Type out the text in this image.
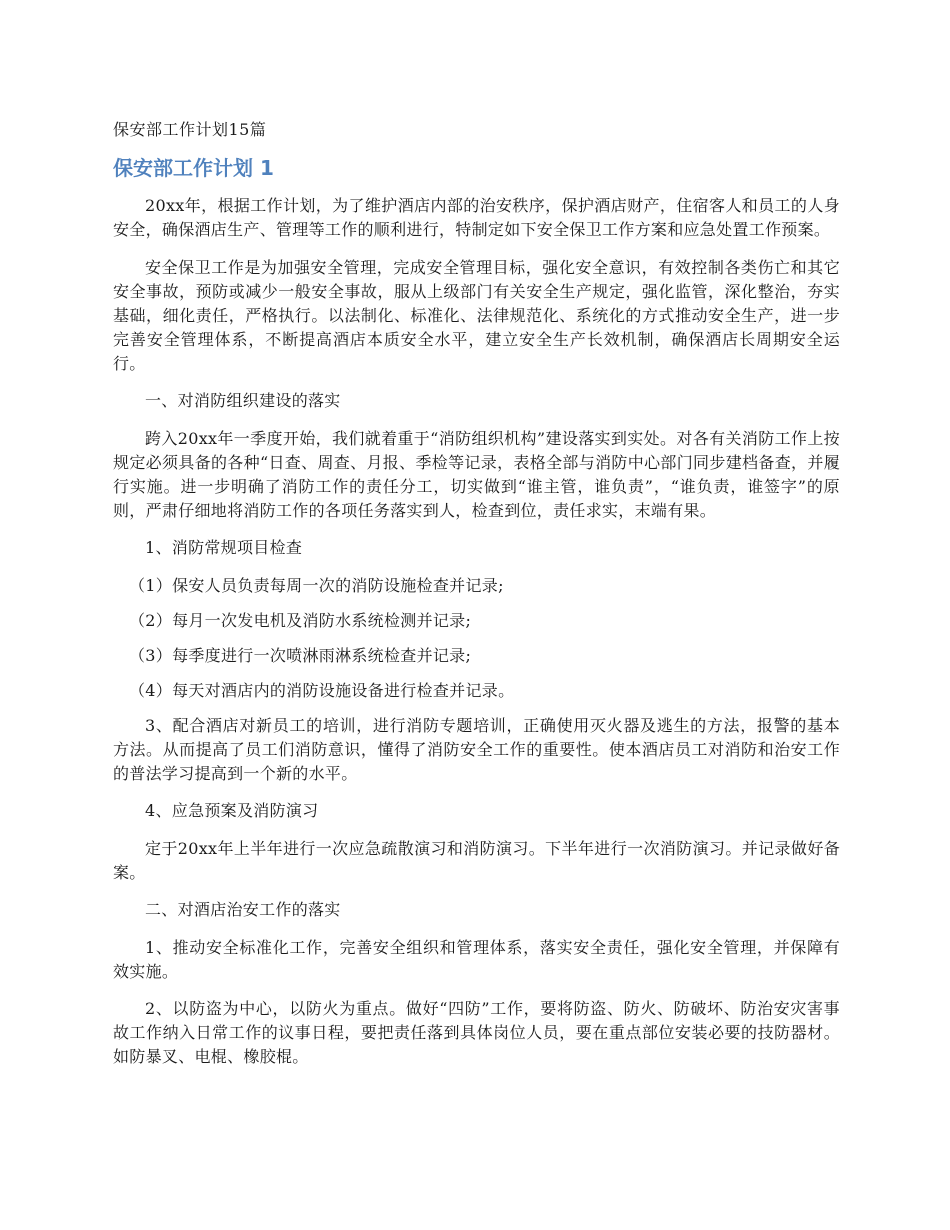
保安部工作计划15篇
保安部工作计划 1

20xx年，根据工作计划，为了维护酒店内部的治安秩序，保护酒店财产，住宿客人和员工的人身安全，确保酒店生产、管理等工作的顺利进行，特制定如下安全保卫工作方案和应急处置工作预案。

安全保卫工作是为加强安全管理，完成安全管理目标，强化安全意识，有效控制各类伤亡和其它安全事故，预防或减少一般安全事故，服从上级部门有关安全生产规定，强化监管，深化整治，夯实基础，细化责任，严格执行。以法制化、标准化、法律规范化、系统化的方式推动安全生产，进一步完善安全管理体系，不断提高酒店本质安全水平，建立安全生产长效机制，确保酒店长周期安全运行。

一、对消防组织建设的落实

跨入20xx年一季度开始，我们就着重于“消防组织机构”建设落实到实处。对各有关消防工作上按规定必须具备的各种“日查、周查、月报、季检等记录，表格全部与消防中心部门同步建档备查，并履行实施。进一步明确了消防工作的责任分工，切实做到“谁主管，谁负责”，“谁负责，谁签字”的原则，严肃仔细地将消防工作的各项任务落实到人，检查到位，责任求实，末端有果。

1、消防常规项目检查

（1）保安人员负责每周一次的消防设施检查并记录;
（2）每月一次发电机及消防水系统检测并记录;
（3）每季度进行一次喷淋雨淋系统检查并记录;
（4）每天对酒店内的消防设施设备进行检查并记录。

3、配合酒店对新员工的培训，进行消防专题培训，正确使用灭火器及逃生的方法，报警的基本方法。从而提高了员工们消防意识，懂得了消防安全工作的重要性。使本酒店员工对消防和治安工作的普法学习提高到一个新的水平。

4、应急预案及消防演习

定于20xx年上半年进行一次应急疏散演习和消防演习。下半年进行一次消防演习。并记录做好备案。

二、对酒店治安工作的落实

1、推动安全标准化工作，完善安全组织和管理体系，落实安全责任，强化安全管理，并保障有效实施。

2、以防盗为中心，以防火为重点。做好“四防”工作，要将防盗、防火、防破坏、防治安灾害事故工作纳入日常工作的议事日程，要把责任落到具体岗位人员，要在重点部位安装必要的技防器材。如防暴叉、电棍、橡胶棍。
